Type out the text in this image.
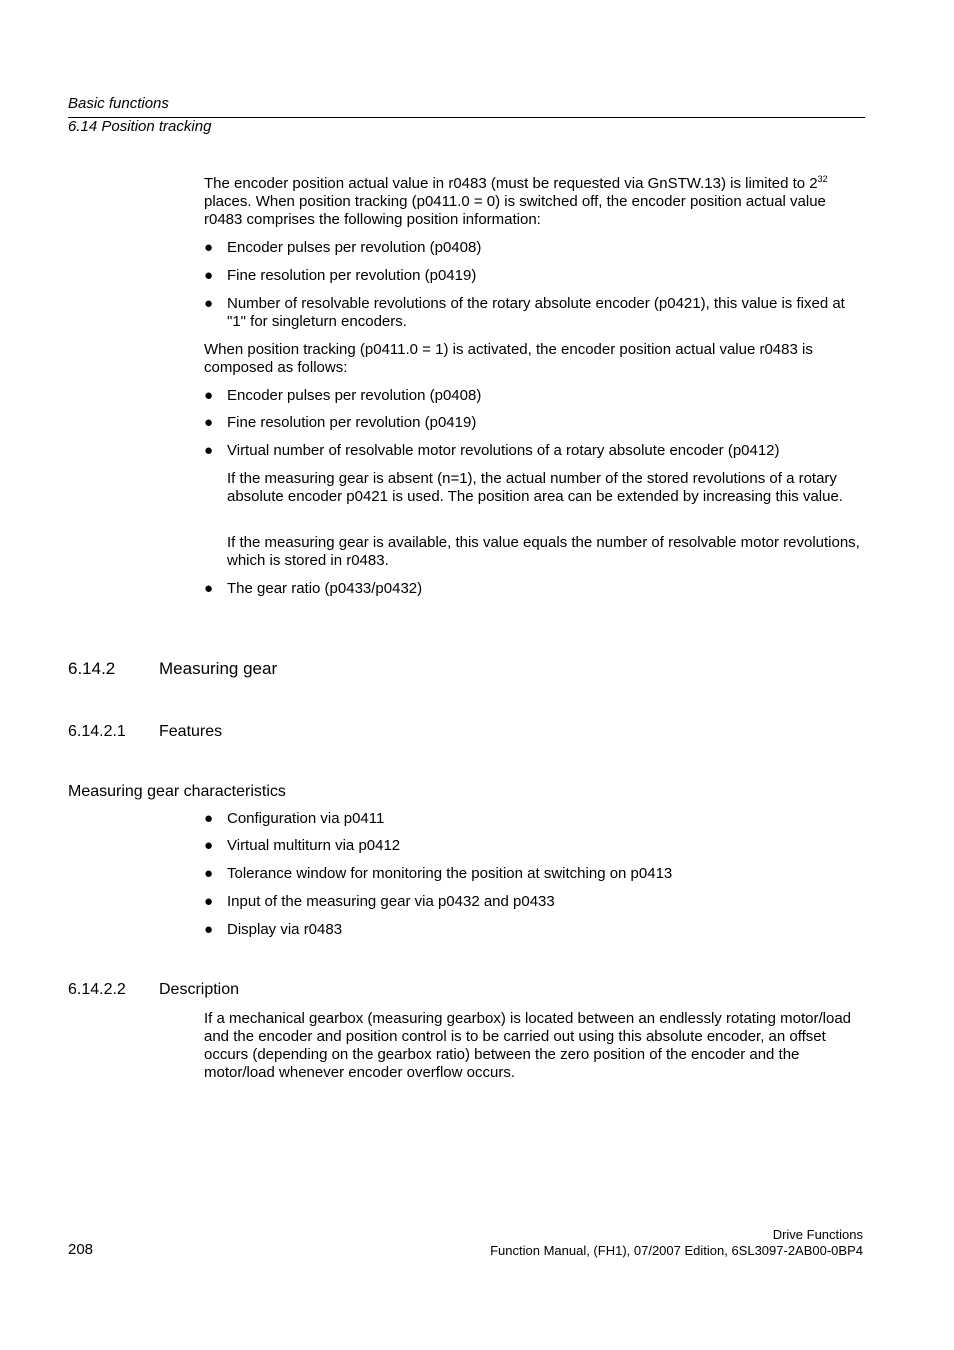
Basic functions
6.14 Position tracking
The encoder position actual value in r0483 (must be requested via GnSTW.13) is limited to $2^{32}$ places. When position tracking (p0411.0 = 0) is switched off, the encoder position actual value r0483 comprises the following position information:
● Encoder pulses per revolution (p0408)
● Fine resolution per revolution (p0419)
● Number of resolvable revolutions of the rotary absolute encoder (p0421), this value is fixed at "1" for singleturn encoders.
When position tracking (p0411.0 = 1) is activated, the encoder position actual value r0483 is composed as follows:
● Encoder pulses per revolution (p0408)
● Fine resolution per revolution (p0419)
● Virtual number of resolvable motor revolutions of a rotary absolute encoder (p0412)
If the measuring gear is absent (n=1), the actual number of the stored revolutions of a rotary absolute encoder p0421 is used. The position area can be extended by increasing this value.
If the measuring gear is available, this value equals the number of resolvable motor revolutions, which is stored in r0483.
● The gear ratio (p0433/p0432)
6.14.2	Measuring gear
6.14.2.1 Features
Measuring gear characteristics
● Configuration via p0411
● Virtual multiturn via p0412
● Tolerance window for monitoring the position at switching on p0413
● Input of the measuring gear via p0432 and p0433
● Display via r0483
6.14.2.2 Description
If a mechanical gearbox (measuring gearbox) is located between an endlessly rotating motor/load and the encoder and position control is to be carried out using this absolute encoder, an offset occurs (depending on the gearbox ratio) between the zero position of the encoder and the motor/load whenever encoder overflow occurs.
Drive Functions
Function Manual, (FH1), 07/2007 Edition, 6SL3097-2AB00-0BP4
208
